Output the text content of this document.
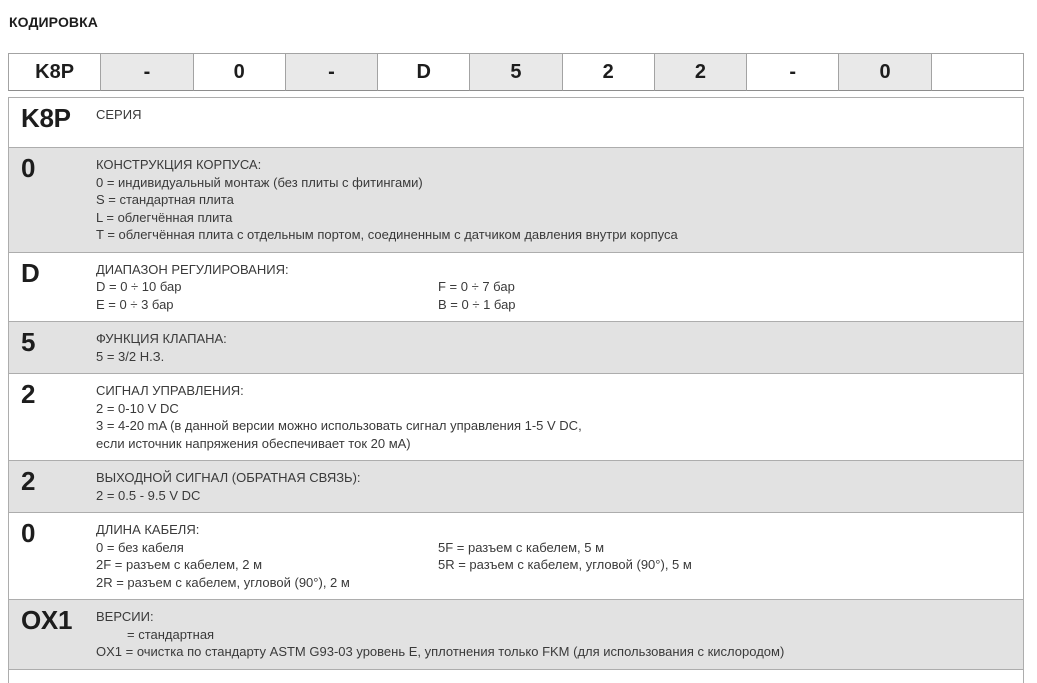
КОДИРОВКА
K8P	-	0	-	D	5	2	2	-	0
K8P	СЕРИЯ
0	КОНСТРУКЦИЯ КОРПУСА:
0 = индивидуальный монтаж (без плиты с фитингами)
S = стандартная плита
L = облегчённая плита
T = облегчённая плита с отдельным портом, соединенным с датчиком давления внутри корпуса
D	ДИАПАЗОН РЕГУЛИРОВАНИЯ:
D = 0 ÷ 10 бар	F = 0 ÷ 7 бар
E = 0 ÷ 3 бар	B = 0 ÷ 1 бар
5	ФУНКЦИЯ КЛАПАНА:
5 = 3/2 Н.З.
2	СИГНАЛ УПРАВЛЕНИЯ:
2 = 0-10 V DC
3 = 4-20 mA (в данной версии можно использовать сигнал управления 1-5 V DC,
если источник напряжения обеспечивает ток 20 мА)
2	ВЫХОДНОЙ СИГНАЛ (ОБРАТНАЯ СВЯЗЬ):
2 = 0.5 - 9.5 V DC
0	ДЛИНА КАБЕЛЯ:
0 = без кабеля	5F = разъем с кабелем, 5 м
2F = разъем с кабелем, 2 м	5R = разъем с кабелем, угловой (90°), 5 м
2R = разъем с кабелем, угловой (90°), 2 м
OX1	ВЕРСИИ:
= стандартная
OX1 = очистка по стандарту ASTM G93-03 уровень E, уплотнения только FKM (для использования с кислородом)
